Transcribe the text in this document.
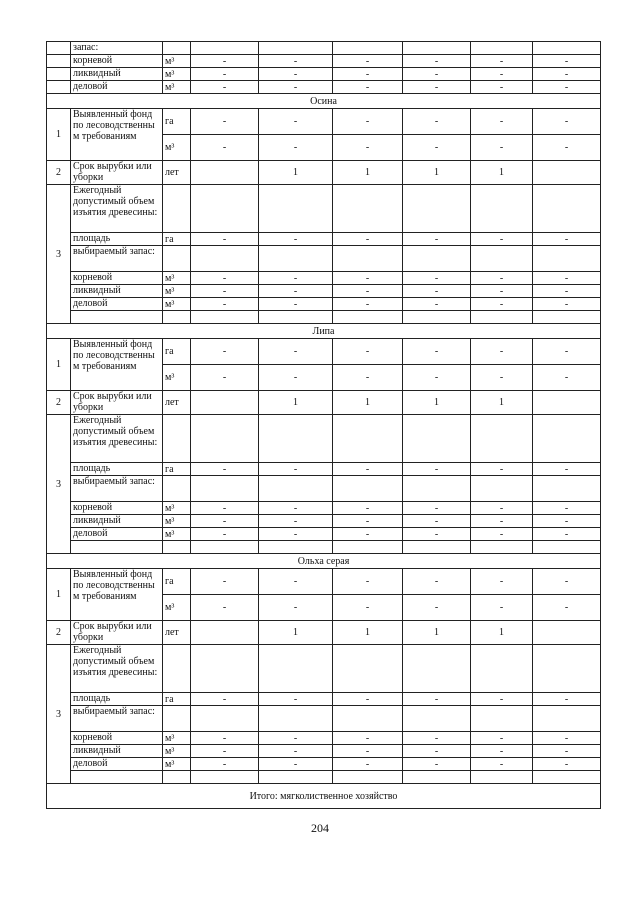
	запас:								
	корневой	м³	-	-	-	-	-	-	
	ликвидный	м³	-	-	-	-	-	-	
	деловой	м³	-	-	-	-	-	-	
Осина									
1	Выявленный фонд по лесоводственны м требованиям	га	-	-	-	-	-	-	
		м³	-	-	-	-	-	-	
2	Срок вырубки или уборки	лет		1	1	1	1		
3	Ежегодный допустимый объем изъятия древесины:								
	площадь	га	-	-	-	-	-	-	
	выбираемый запас:								
	корневой	м³	-	-	-	-	-	-	
	ликвидный	м³	-	-	-	-	-	-	
	деловой	м³	-	-	-	-	-	-	

Липа									
1	Выявленный фонд по лесоводственны м требованиям	га	-	-	-	-	-	-	
		м³	-	-	-	-	-	-	
2	Срок вырубки или уборки	лет		1	1	1	1		
3	Ежегодный допустимый объем изъятия древесины:								
	площадь	га	-	-	-	-	-	-	
	выбираемый запас:								
	корневой	м³	-	-	-	-	-	-	
	ликвидный	м³	-	-	-	-	-	-	
	деловой	м³	-	-	-	-	-	-	

Ольха серая									
1	Выявленный фонд по лесоводственны м требованиям	га	-	-	-	-	-	-	
		м³	-	-	-	-	-	-	
2	Срок вырубки или уборки	лет		1	1	1	1		
3	Ежегодный допустимый объем изъятия древесины:								
	площадь	га	-	-	-	-	-	-	
	выбираемый запас:								
	корневой	м³	-	-	-	-	-	-	
	ликвидный	м³	-	-	-	-	-	-	
	деловой	м³	-	-	-	-	-	-	

Итого: мягколиственное хозяйство									
204
